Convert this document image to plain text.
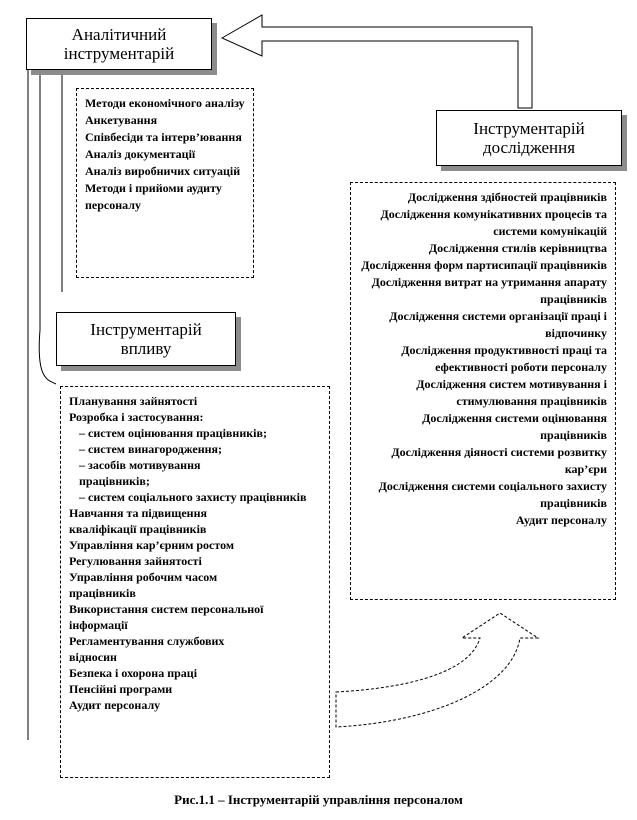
Аналітичний
інструментарій
Методи економічного аналізу
Анкетування
Співбесіди та інтерв’ювання
Аналіз документації
Аналіз виробничих ситуацій
Методи і прийоми аудиту персоналу
Інструментарій
дослідження
Дослідження здібностей працівників
Дослідження комунікативних процесів та системи комунікацій
Дослідження стилів керівництва
Дослідження форм партисипації працівників
Дослідження витрат на утримання апарату працівників
Дослідження системи організації праці і відпочинку
Дослідження продуктивності праці та ефективності роботи персоналу
Дослідження систем мотивування і стимулювання працівників
Дослідження системи оцінювання працівників
Дослідження діяності системи розвитку кар’єри
Дослідження системи соціального захисту працівників
Аудит персоналу
Інструментарій
впливу
Планування зайнятості
Розробка і застосування:
– систем оцінювання працівників;
– систем винагородження;
– засобів мотивування працівників;
– систем соціального захисту працівників
Навчання та підвищення кваліфікації працівників
Управління кар’єрним ростом
Регулювання зайнятості
Управління робочим часом працівників
Використання систем персональної інформації
Регламентування службових відносин
Безпека і охорона праці
Пенсійні програми
Аудит персоналу
Рис.1.1 – Інструментарій управління персоналом
